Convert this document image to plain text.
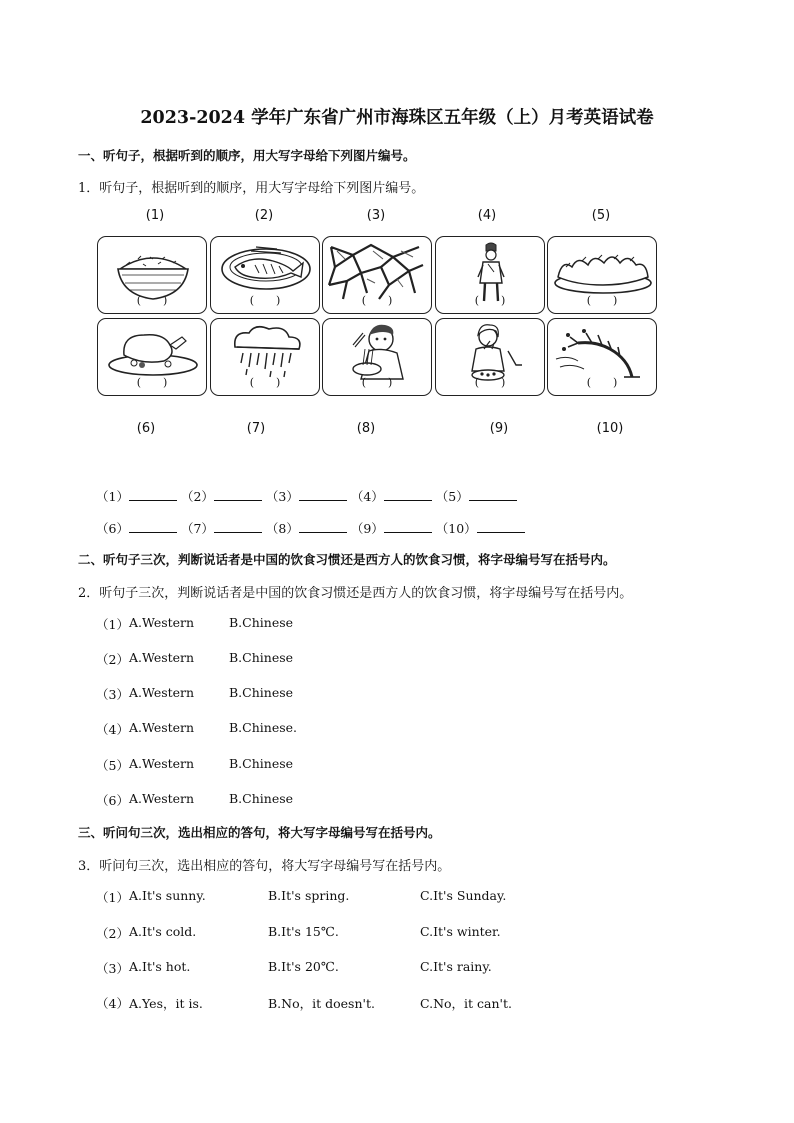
2023-2024 学年广东省广州市海珠区五年级（上）月考英语试卷
一、听句子，根据听到的顺序，用大写字母给下列图片编号。
1．听句子，根据听到的顺序，用大写字母给下列图片编号。
(1)	(2)	(3)	(4)	(5)
(　　)	(　　)	(　　)	(　　)	(　　)
(　　)	(　　)	(　　)	(　　)	(　　)
(6)	(7)	(8)	(9)	(10)
（1）	（2）	（3）	（4）	（5）
（6）	（7）	（8）	（9）	（10）
二、听句子三次，判断说话者是中国的饮食习惯还是西方人的饮食习惯，将字母编号写在括号内。
2．听句子三次，判断说话者是中国的饮食习惯还是西方人的饮食习惯，将字母编号写在括号内。
（1） A.Western	B.Chinese
（2） A.Western	B.Chinese
（3） A.Western	B.Chinese
（4） A.Western	B.Chinese.
（5） A.Western	B.Chinese
（6） A.Western	B.Chinese
三、听问句三次，选出相应的答句，将大写字母编号写在括号内。
3．听问句三次，选出相应的答句，将大写字母编号写在括号内。
（1） A.It's sunny.	B.It's spring.	C.It's Sunday.
（2） A.It's cold.	B.It's 15℃.	C.It's winter.
（3） A.It's hot.	B.It's 20℃.	C.It's rainy.
（4） A.Yes，it is.	B.No，it doesn't.	C.No，it can't.
